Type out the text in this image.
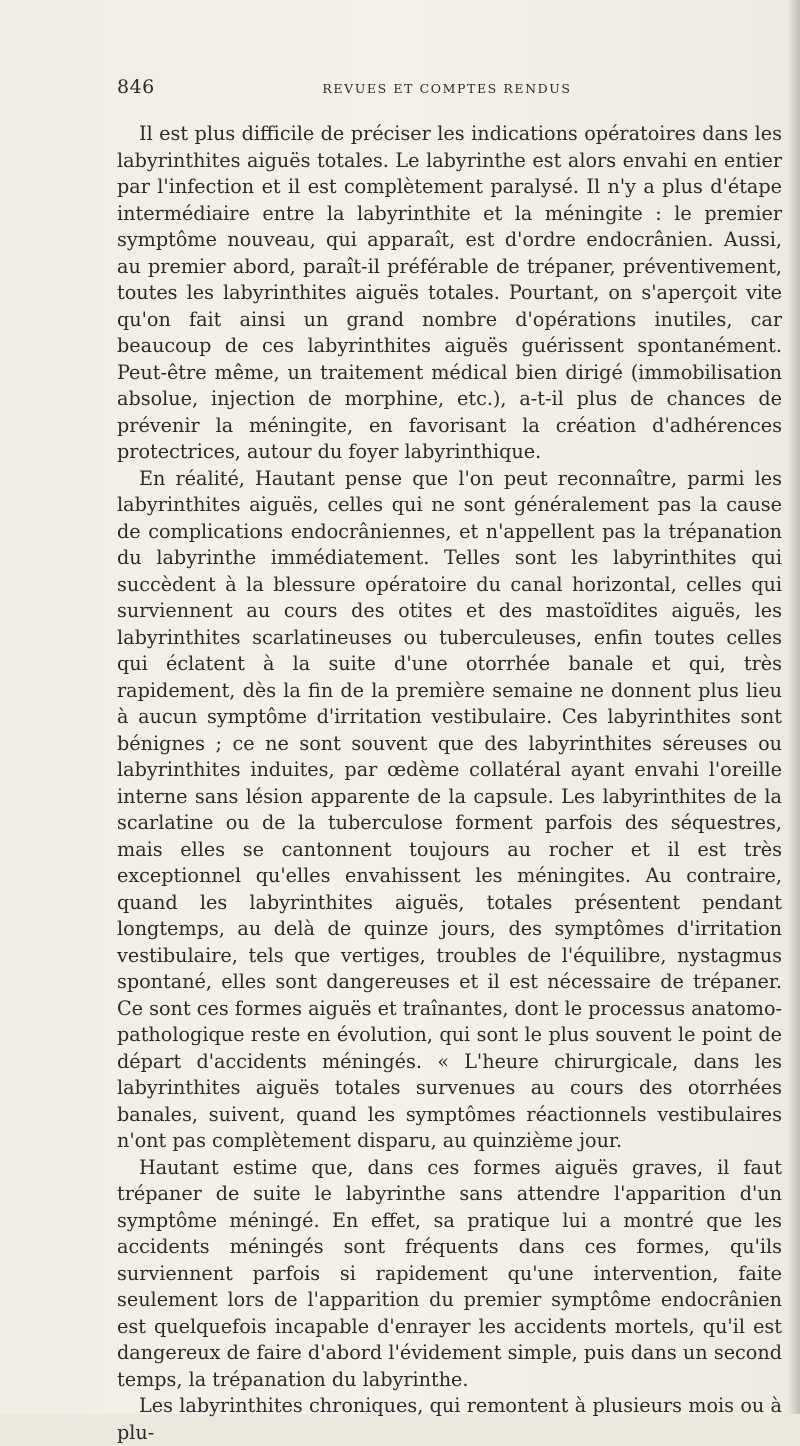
846	REVUES ET COMPTES RENDUS

Il est plus difficile de préciser les indications opératoires dans les labyrinthites aiguës totales. Le labyrinthe est alors envahi en entier par l'infection et il est complètement paralysé. Il n'y a plus d'étape intermédiaire entre la labyrinthite et la méningite : le premier symptôme nouveau, qui apparaît, est d'ordre endocrânien. Aussi, au premier abord, paraît-il préférable de trépaner, préventivement, toutes les labyrinthites aiguës totales. Pourtant, on s'aperçoit vite qu'on fait ainsi un grand nombre d'opérations inutiles, car beaucoup de ces labyrinthites aiguës guérissent spontanément. Peut-être même, un traitement médical bien dirigé (immobilisation absolue, injection de morphine, etc.), a-t-il plus de chances de prévenir la méningite, en favorisant la création d'adhérences protectrices, autour du foyer labyrinthique.

En réalité, Hautant pense que l'on peut reconnaître, parmi les labyrinthites aiguës, celles qui ne sont généralement pas la cause de complications endocrâniennes, et n'appellent pas la trépanation du labyrinthe immédiatement. Telles sont les labyrinthites qui succèdent à la blessure opératoire du canal horizontal, celles qui surviennent au cours des otites et des mastoïdites aiguës, les labyrinthites scarlatineuses ou tuberculeuses, enfin toutes celles qui éclatent à la suite d'une otorrhée banale et qui, très rapidement, dès la fin de la première semaine ne donnent plus lieu à aucun symptôme d'irritation vestibulaire. Ces labyrinthites sont bénignes ; ce ne sont souvent que des labyrinthites séreuses ou labyrinthites induites, par œdème collatéral ayant envahi l'oreille interne sans lésion apparente de la capsule. Les labyrinthites de la scarlatine ou de la tuberculose forment parfois des séquestres, mais elles se cantonnent toujours au rocher et il est très exceptionnel qu'elles envahissent les méningites. Au contraire, quand les labyrinthites aiguës, totales présentent pendant longtemps, au delà de quinze jours, des symptômes d'irritation vestibulaire, tels que vertiges, troubles de l'équilibre, nystagmus spontané, elles sont dangereuses et il est nécessaire de trépaner. Ce sont ces formes aiguës et traînantes, dont le processus anatomo-pathologique reste en évolution, qui sont le plus souvent le point de départ d'accidents méningés. « L'heure chirurgicale, dans les labyrinthites aiguës totales survenues au cours des otorrhées banales, suivent, quand les symptômes réactionnels vestibulaires n'ont pas complètement disparu, au quinzième jour.

Hautant estime que, dans ces formes aiguës graves, il faut trépaner de suite le labyrinthe sans attendre l'apparition d'un symptôme méningé. En effet, sa pratique lui a montré que les accidents méningés sont fréquents dans ces formes, qu'ils surviennent parfois si rapidement qu'une intervention, faite seulement lors de l'apparition du premier symptôme endocrânien est quelquefois incapable d'enrayer les accidents mortels, qu'il est dangereux de faire d'abord l'évidement simple, puis dans un second temps, la trépanation du labyrinthe.

Les labyrinthites chroniques, qui remontent à plusieurs mois ou à plu-
